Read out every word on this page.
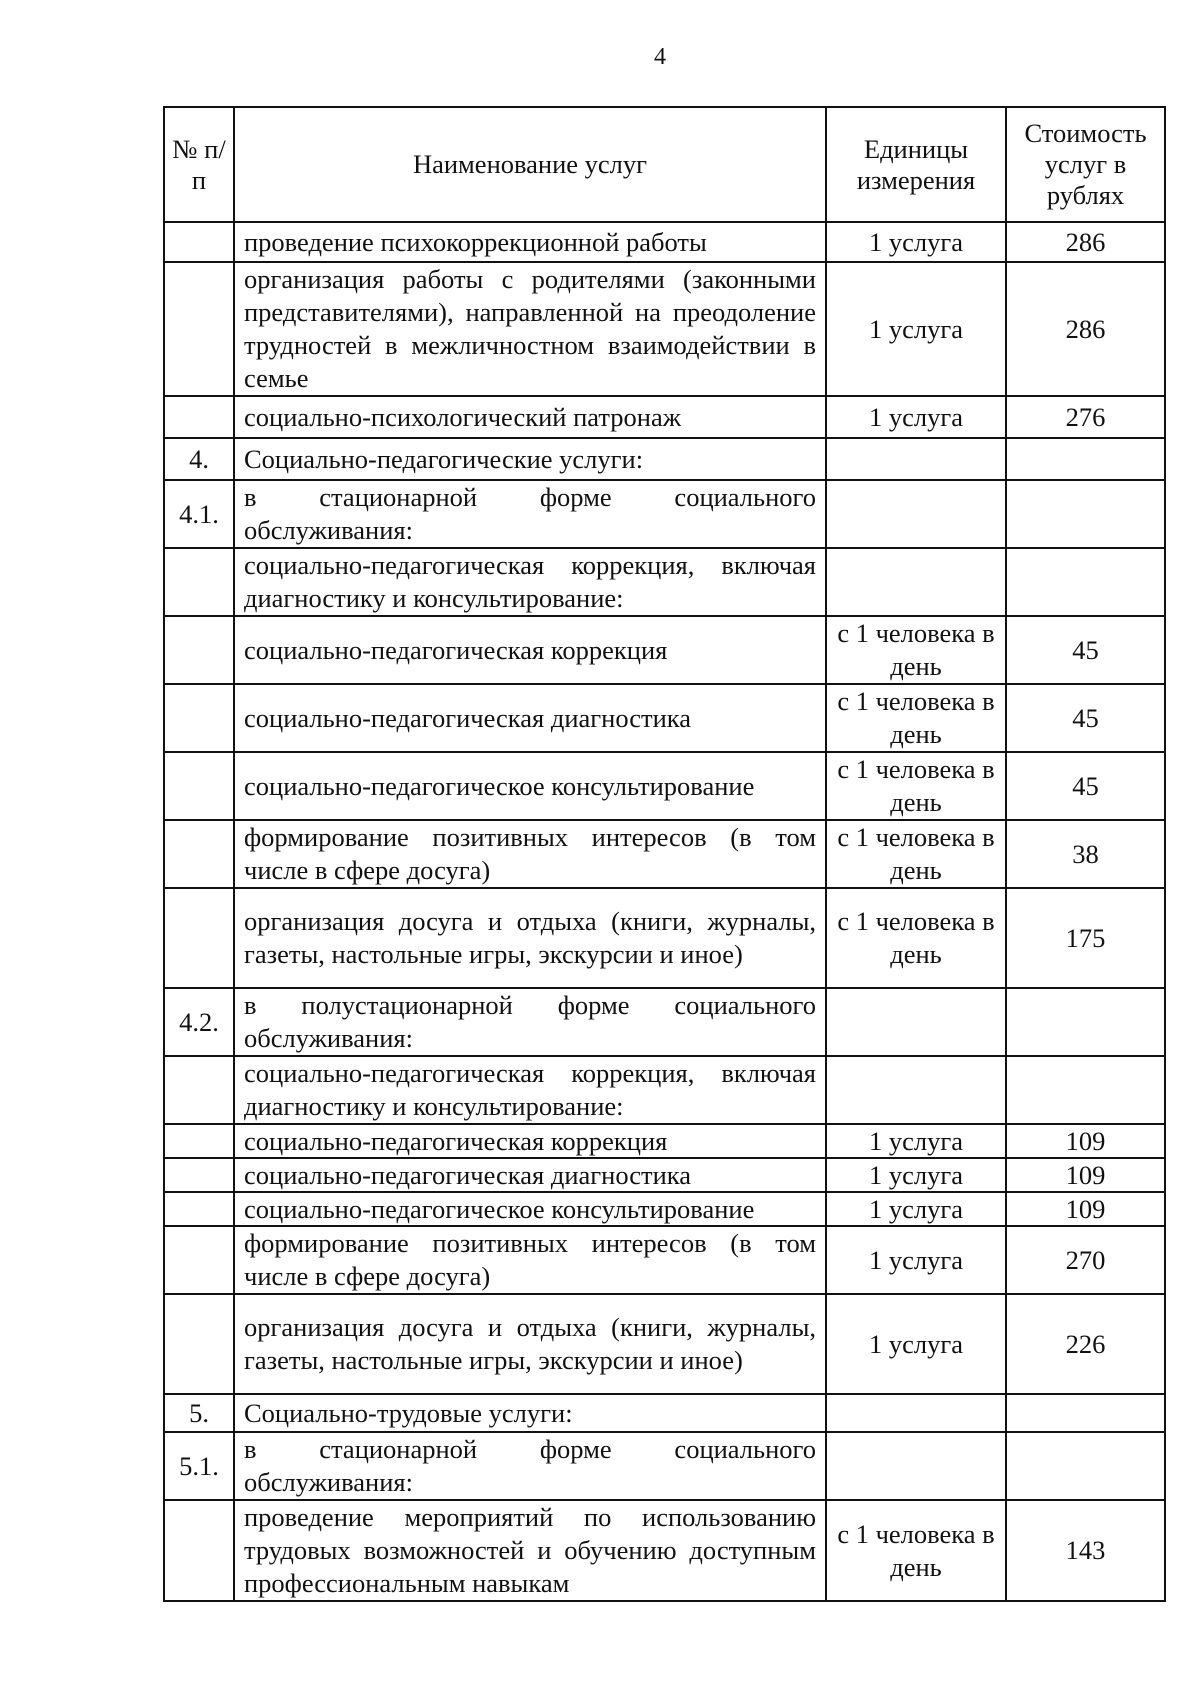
4
№ п/п	Наименование услуг	Единицы измерения	Стоимость услуг в рублях
	проведение психокоррекционной работы	1 услуга	286
	организация работы с родителями (законными представителями), направленной на преодоление трудностей в межличностном взаимодействии в семье	1 услуга	286
	социально-психологический патронаж	1 услуга	276
4.	Социально-педагогические услуги:		
4.1.	в стационарной форме социального обслуживания:		
	социально-педагогическая коррекция, включая диагностику и консультирование:		
	социально-педагогическая коррекция	с 1 человека в день	45
	социально-педагогическая диагностика	с 1 человека в день	45
	социально-педагогическое консультирование	с 1 человека в день	45
	формирование позитивных интересов (в том числе в сфере досуга)	с 1 человека в день	38
	организация досуга и отдыха (книги, журналы, газеты, настольные игры, экскурсии и иное)	с 1 человека в день	175
4.2.	в полустационарной форме социального обслуживания:		
	социально-педагогическая коррекция, включая диагностику и консультирование:		
	социально-педагогическая коррекция	1 услуга	109
	социально-педагогическая диагностика	1 услуга	109
	социально-педагогическое консультирование	1 услуга	109
	формирование позитивных интересов (в том числе в сфере досуга)	1 услуга	270
	организация досуга и отдыха (книги, журналы, газеты, настольные игры, экскурсии и иное)	1 услуга	226
5.	Социально-трудовые услуги:		
5.1.	в стационарной форме социального обслуживания:		
	проведение мероприятий по использованию трудовых возможностей и обучению доступным профессиональным навыкам	с 1 человека в день	143
